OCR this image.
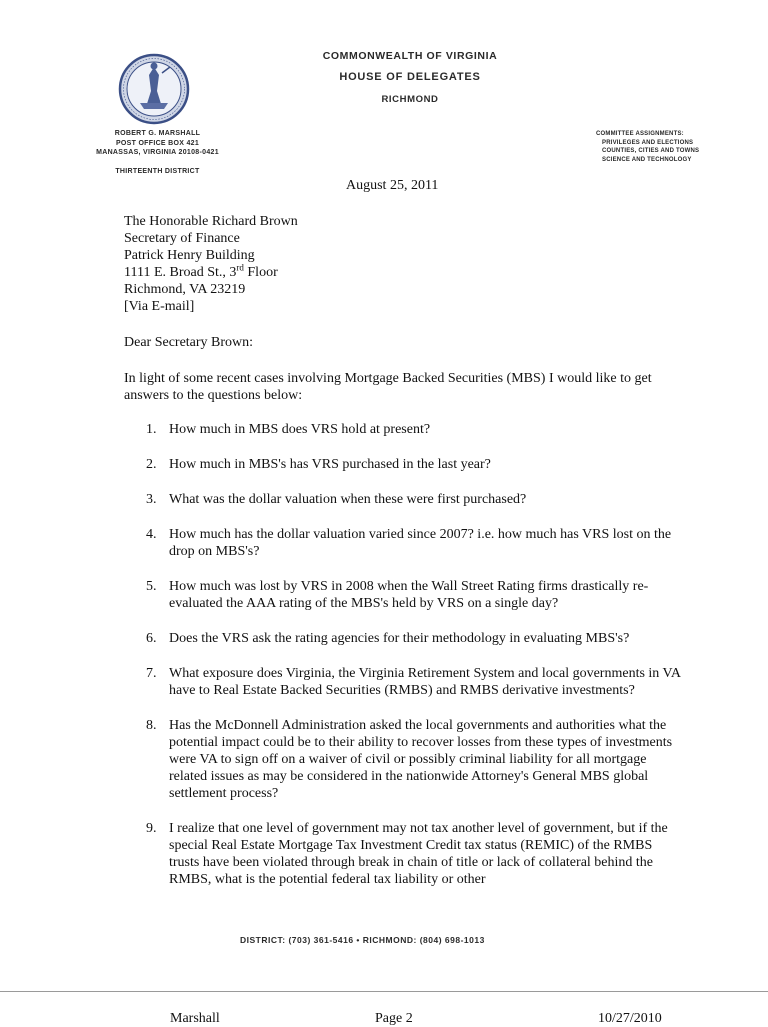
COMMONWEALTH OF VIRGINIA
HOUSE OF DELEGATES
RICHMOND
ROBERT G. MARSHALL
POST OFFICE BOX 421
MANASSAS, VIRGINIA 20108-0421
THIRTEENTH DISTRICT
COMMITTEE ASSIGNMENTS:
PRIVILEGES AND ELECTIONS
COUNTIES, CITIES AND TOWNS
SCIENCE AND TECHNOLOGY
August 25, 2011
The Honorable Richard Brown
Secretary of Finance
Patrick Henry Building
1111 E. Broad St., 3rd Floor
Richmond, VA 23219
[Via E-mail]
Dear Secretary Brown:
In light of some recent cases involving Mortgage Backed Securities (MBS) I would like to get answers to the questions below:
1. How much in MBS does VRS hold at present?
2. How much in MBS's has VRS purchased in the last year?
3. What was the dollar valuation when these were first purchased?
4. How much has the dollar valuation varied since 2007? i.e. how much has VRS lost on the drop on MBS's?
5. How much was lost by VRS in 2008 when the Wall Street Rating firms drastically re-evaluated the AAA rating of the MBS's held by VRS on a single day?
6. Does the VRS ask the rating agencies for their methodology in evaluating MBS's?
7. What exposure does Virginia, the Virginia Retirement System and local governments in VA have to Real Estate Backed Securities (RMBS) and RMBS derivative investments?
8. Has the McDonnell Administration asked the local governments and authorities what the potential impact could be to their ability to recover losses from these types of investments were VA to sign off on a waiver of civil or possibly criminal liability for all mortgage related issues as may be considered in the nationwide Attorney's General MBS global settlement process?
9. I realize that one level of government may not tax another level of government, but if the special Real Estate Mortgage Tax Investment Credit tax status (REMIC) of the RMBS trusts have been violated through break in chain of title or lack of collateral behind the RMBS, what is the potential federal tax liability or other
DISTRICT: (703) 361-5416 • RICHMOND: (804) 698-1013
Marshall	Page 2	10/27/2010
